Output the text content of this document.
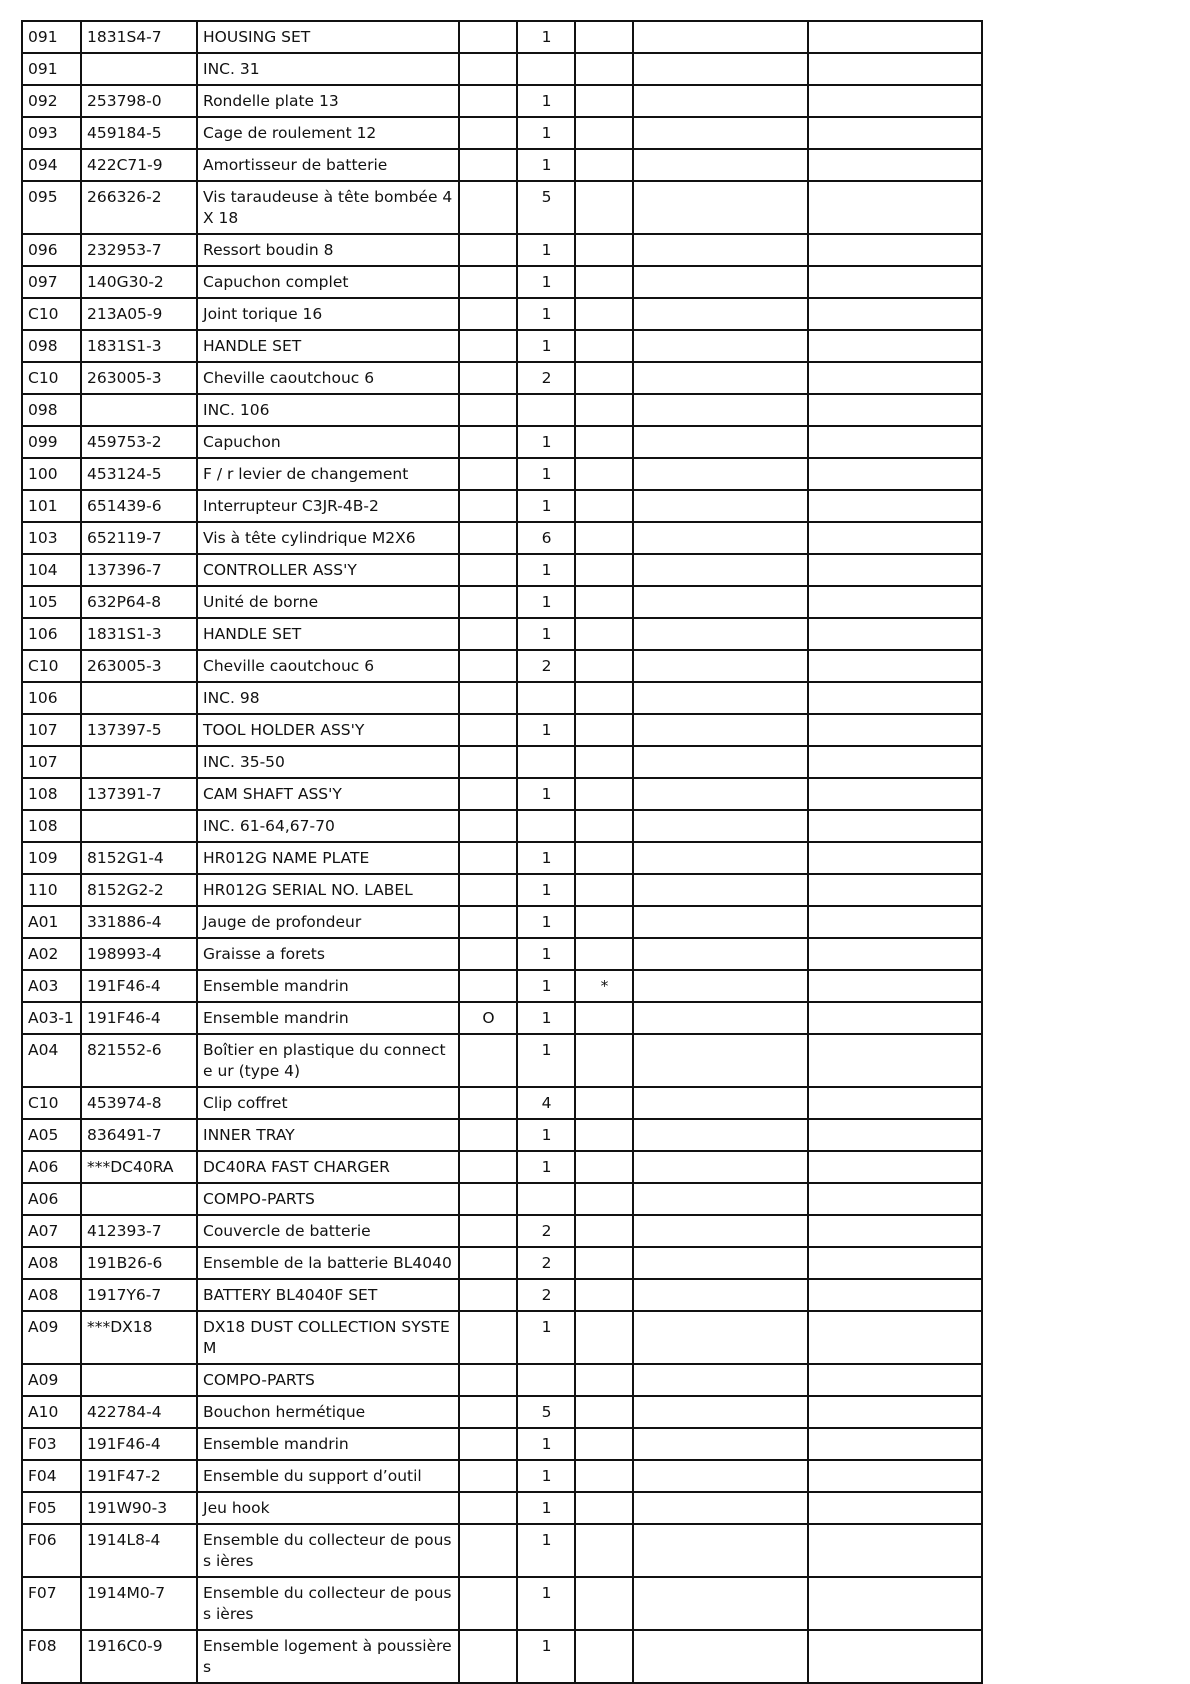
091	1831S4-7	HOUSING SET		1			
091		INC. 31					
092	253798-0	Rondelle plate 13		1			
093	459184-5	Cage de roulement 12		1			
094	422C71-9	Amortisseur de batterie		1			
095	266326-2	Vis taraudeuse à tête bombée 4X 18		5			
096	232953-7	Ressort boudin 8		1			
097	140G30-2	Capuchon complet		1			
C10	213A05-9	Joint torique 16		1			
098	1831S1-3	HANDLE SET		1			
C10	263005-3	Cheville caoutchouc 6		2			
098		INC. 106					
099	459753-2	Capuchon		1			
100	453124-5	F / r levier de changement		1			
101	651439-6	Interrupteur C3JR-4B-2		1			
103	652119-7	Vis à tête cylindrique M2X6		6			
104	137396-7	CONTROLLER ASS'Y		1			
105	632P64-8	Unité de borne		1			
106	1831S1-3	HANDLE SET		1			
C10	263005-3	Cheville caoutchouc 6		2			
106		INC. 98					
107	137397-5	TOOL HOLDER ASS'Y		1			
107		INC. 35-50					
108	137391-7	CAM SHAFT ASS'Y		1			
108		INC. 61-64,67-70					
109	8152G1-4	HR012G NAME PLATE		1			
110	8152G2-2	HR012G SERIAL NO. LABEL		1			
A01	331886-4	Jauge de profondeur		1			
A02	198993-4	Graisse a forets		1			
A03	191F46-4	Ensemble mandrin		1	*		
A03-1	191F46-4	Ensemble mandrin	O	1			
A04	821552-6	Boîtier en plastique du connecte ur (type 4)		1			
C10	453974-8	Clip coffret		4			
A05	836491-7	INNER TRAY		1			
A06	***DC40RA	DC40RA FAST CHARGER		1			
A06		COMPO-PARTS					
A07	412393-7	Couvercle de batterie		2			
A08	191B26-6	Ensemble de la batterie BL4040		2			
A08	1917Y6-7	BATTERY BL4040F SET		2			
A09	***DX18	DX18 DUST COLLECTION SYSTE M		1			
A09		COMPO-PARTS					
A10	422784-4	Bouchon hermétique		5			
F03	191F46-4	Ensemble mandrin		1			
F04	191F47-2	Ensemble du support d’outil		1			
F05	191W90-3	Jeu hook		1			
F06	1914L8-4	Ensemble du collecteur de pouss ières		1			
F07	1914M0-7	Ensemble du collecteur de pouss ières		1			
F08	1916C0-9	Ensemble logement à poussières		1			
